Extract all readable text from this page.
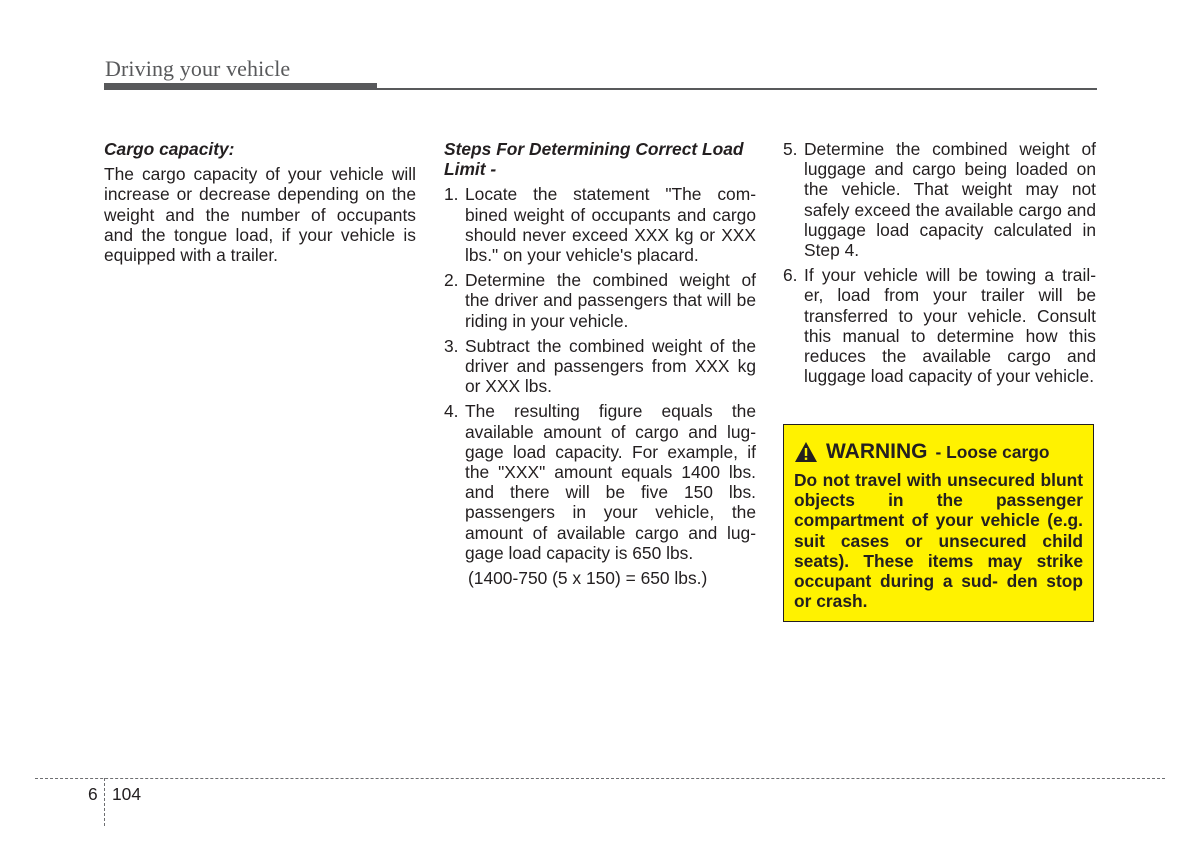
Driving your vehicle
Cargo capacity:

The cargo capacity of your vehicle will increase or decrease depending on the weight and the number of occupants and the tongue load, if your vehicle is equipped with a trailer.

Steps For Determining Correct Load Limit -
1. Locate the statement "The com- bined weight of occupants and cargo should never exceed XXX kg or XXX lbs." on your vehicle's placard.
2. Determine the combined weight of the driver and passengers that will be riding in your vehicle.
3. Subtract the combined weight of the driver and passengers from XXX kg or XXX lbs.
4. The resulting figure equals the available amount of cargo and lug- gage load capacity. For example, if the "XXX" amount equals 1400 lbs. and there will be five 150 lbs. passengers in your vehicle, the amount of available cargo and lug- gage load capacity is 650 lbs.
(1400-750 (5 x 150) = 650 lbs.)
5. Determine the combined weight of luggage and cargo being loaded on the vehicle. That weight may not safely exceed the available cargo and luggage load capacity calculated in Step 4.
6. If your vehicle will be towing a trail- er, load from your trailer will be transferred to your vehicle. Consult this manual to determine how this reduces the available cargo and luggage load capacity of your vehicle.
WARNING - Loose cargo

Do not travel with unsecured blunt objects in the passenger compartment of your vehicle (e.g. suit cases or unsecured child seats). These items may strike occupant during a sud- den stop or crash.

6 104
